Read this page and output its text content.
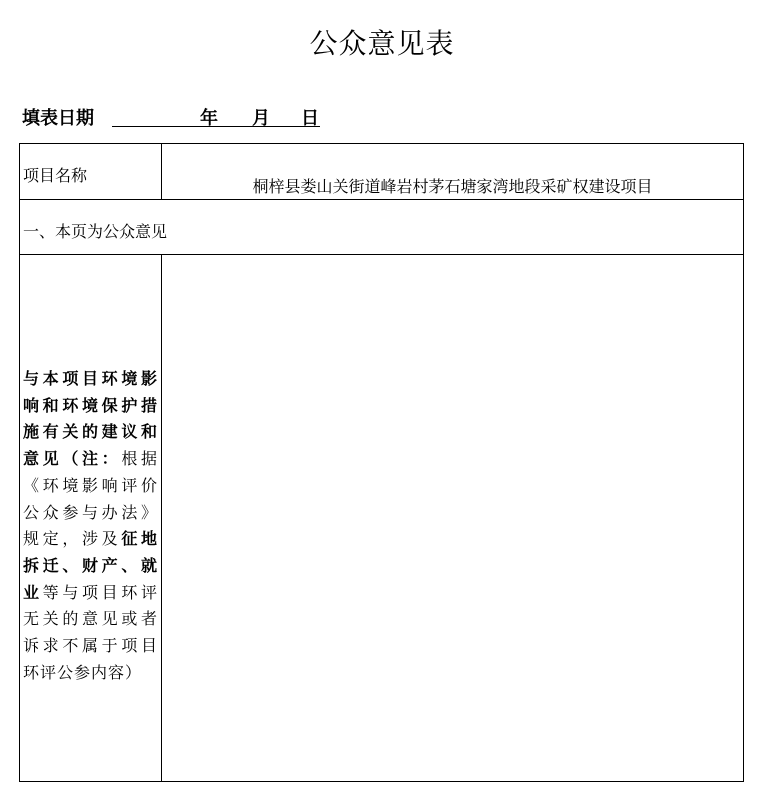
公众意见表
填表日期	年 月 日
项目名称
桐梓县娄山关街道峰岩村茅石塘家湾地段采矿权建设项目
一、本页为公众意见
与本项目环境影
响和环境保护措
施有关的建议和
意见（注：根据
《环境影响评价
公众参与办法》
规定，涉及征地
拆迁、财产、就
业等与项目环评
无关的意见或者
诉求不属于项目
环评公参内容）
